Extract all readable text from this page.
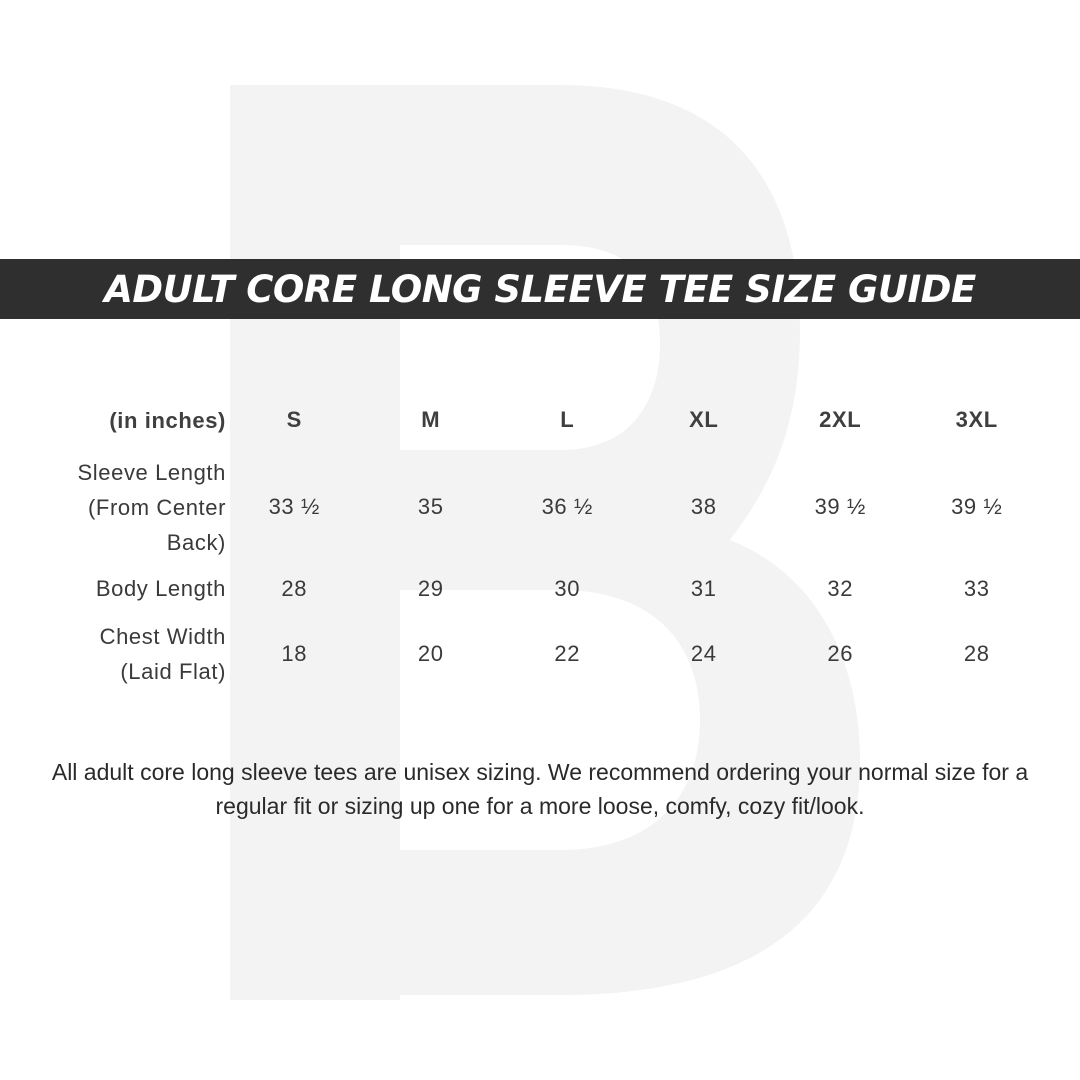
ADULT CORE LONG SLEEVE TEE SIZE GUIDE
(in inches)	S	M	L	XL	2XL	3XL
Sleeve Length
(From Center
Back)	33 ½	35	36 ½	38	39 ½	39 ½
Body Length	28	29	30	31	32	33
Chest Width
(Laid Flat)	18	20	22	24	26	28
All adult core long sleeve tees are unisex sizing. We recommend ordering your normal size for a regular fit or sizing up one for a more loose, comfy, cozy fit/look.
